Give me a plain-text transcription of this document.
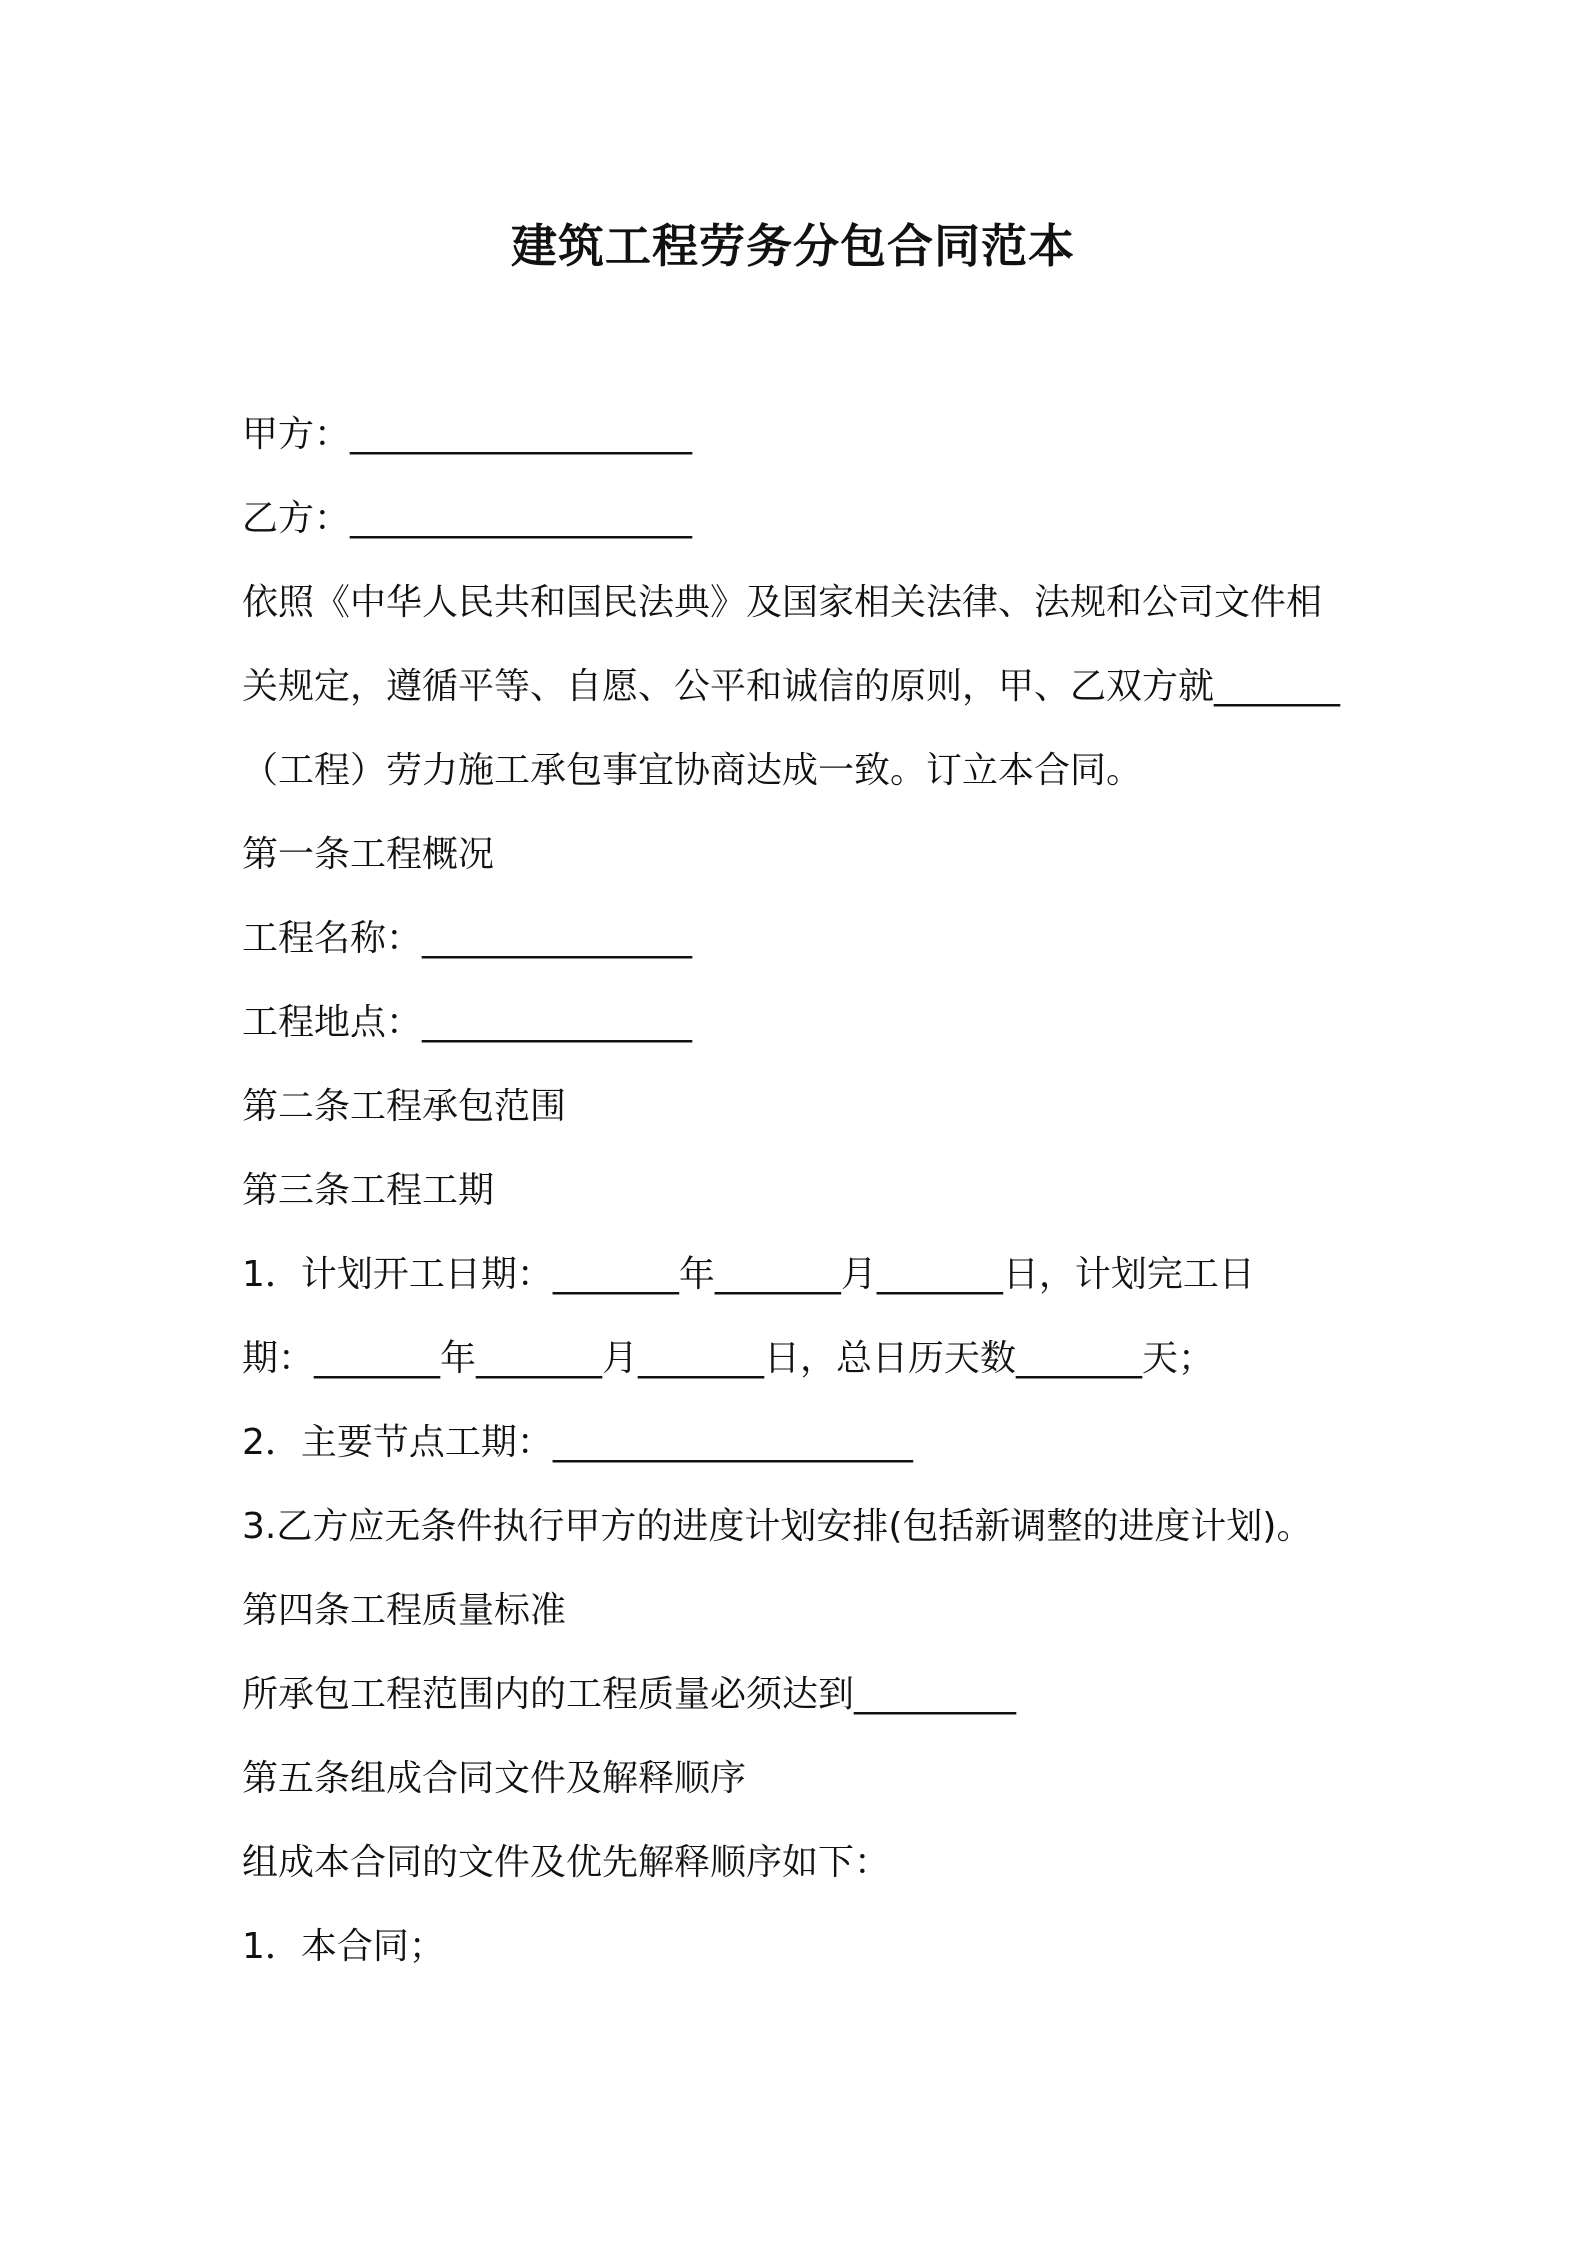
建筑工程劳务分包合同范本

甲方：___________________

乙方：___________________

依照《中华人民共和国民法典》及国家相关法律、法规和公司文件相

关规定，遵循平等、自愿、公平和诚信的原则，甲、乙双方就_______

（工程）劳力施工承包事宜协商达成一致。订立本合同。

第一条工程概况

工程名称：_______________

工程地点：_______________

第二条工程承包范围

第三条工程工期

1．计划开工日期：_______年_______月_______日，计划完工日

期：_______年_______月_______日，总日历天数_______天；

2．主要节点工期：____________________

3.乙方应无条件执行甲方的进度计划安排(包括新调整的进度计划)。

第四条工程质量标准

所承包工程范围内的工程质量必须达到_________

第五条组成合同文件及解释顺序

组成本合同的文件及优先解释顺序如下：

1．本合同；
